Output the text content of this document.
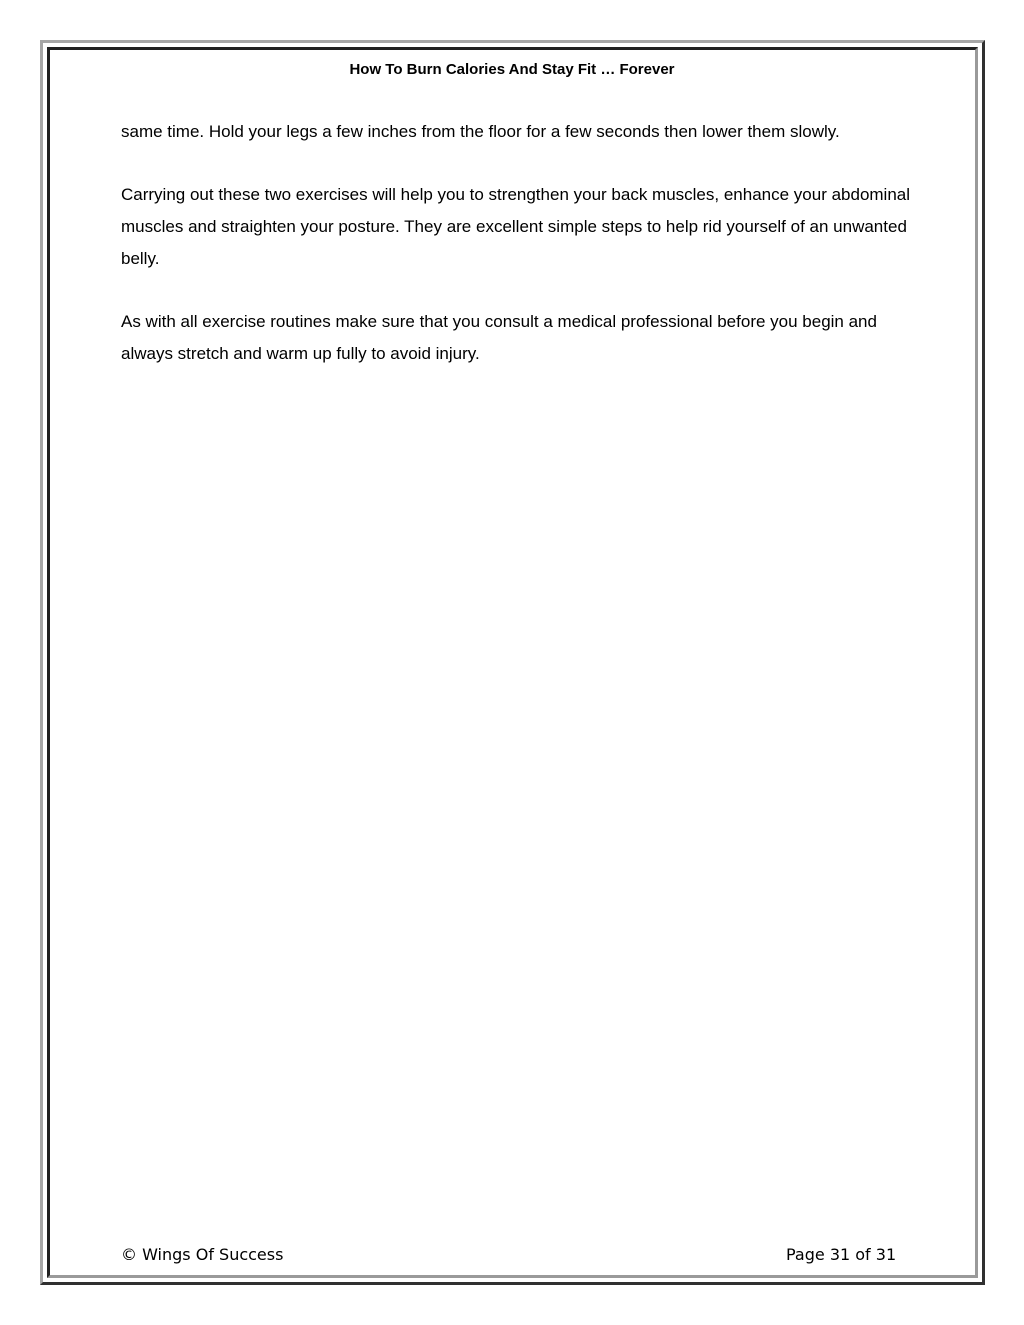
How To Burn Calories And Stay Fit … Forever

same time. Hold your legs a few inches from the floor for a few seconds then lower them slowly.

Carrying out these two exercises will help you to strengthen your back muscles, enhance your abdominal muscles and straighten your posture. They are excellent simple steps to help rid yourself of an unwanted belly.

As with all exercise routines make sure that you consult a medical professional before you begin and always stretch and warm up fully to avoid injury.

© Wings Of Success	Page 31 of 31
